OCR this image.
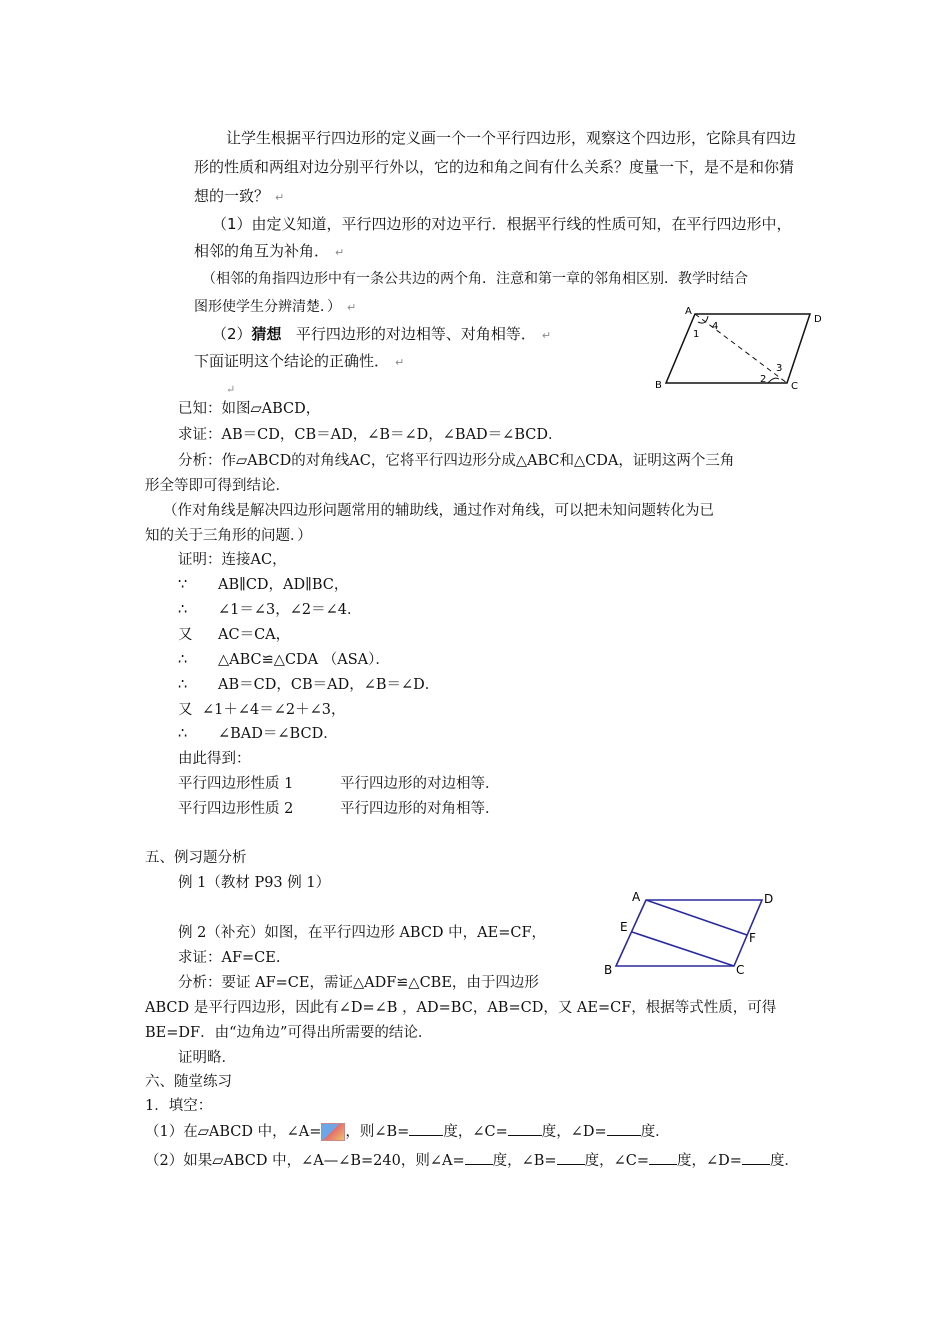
让学生根据平行四边形的定义画一个一个平行四边形，观察这个四边形，它除具有四边
形的性质和两组对边分别平行外以，它的边和角之间有什么关系？度量一下，是不是和你猜
想的一致？ ↵
（1）由定义知道，平行四边形的对边平行．根据平行线的性质可知，在平行四边形中，
相邻的角互为补角． ↵
（相邻的角指四边形中有一条公共边的两个角．注意和第一章的邻角相区别．教学时结合
图形使学生分辨清楚．） ↵
（2）猜想 平行四边形的对边相等、对角相等． ↵
下面证明这个结论的正确性． ↵
↵
A
D
B	C
1
4
2
3
已知：如图▱ABCD，
求证：AB＝CD，CB＝AD，∠B＝∠D，∠BAD＝∠BCD．
分析：作▱ABCD的对角线AC，它将平行四边形分成△ABC和△CDA，证明这两个三角
形全等即可得到结论．
（作对角线是解决四边形问题常用的辅助线，通过作对角线，可以把未知问题转化为已
知的关于三角形的问题．）
证明：连接AC，
∵ AB∥CD，AD∥BC，
∴ ∠1＝∠3，∠2＝∠4．
又 AC＝CA，
∴ △ABC≌△CDA （ASA）．
∴ AB＝CD，CB＝AD，∠B＝∠D．
又 ∠1＋∠4＝∠2＋∠3，
∴ ∠BAD＝∠BCD．
由此得到：
平行四边形性质 1	平行四边形的对边相等．
平行四边形性质 2	平行四边形的对角相等．
五、例习题分析
例 1（教材 P93 例 1）
例 2（补充）如图，在平行四边形 ABCD 中，AE=CF，
求证：AF=CE.
分析：要证 AF=CE，需证△ADF≌△CBE，由于四边形
ABCD 是平行四边形，因此有∠D=∠B ，AD=BC，AB=CD，又 AE=CF，根据等式性质，可得
BE=DF．由“边角边”可得出所需要的结论．
证明略．
A	D
E
F
B	C
六、随堂练习
1．填空：
（1）在▱ABCD 中，∠A= ，则∠B= 度，∠C= 度，∠D= 度．
（2）如果▱ABCD 中，∠A—∠B=240，则∠A= 度，∠B= 度，∠C= 度，∠D= 度．
